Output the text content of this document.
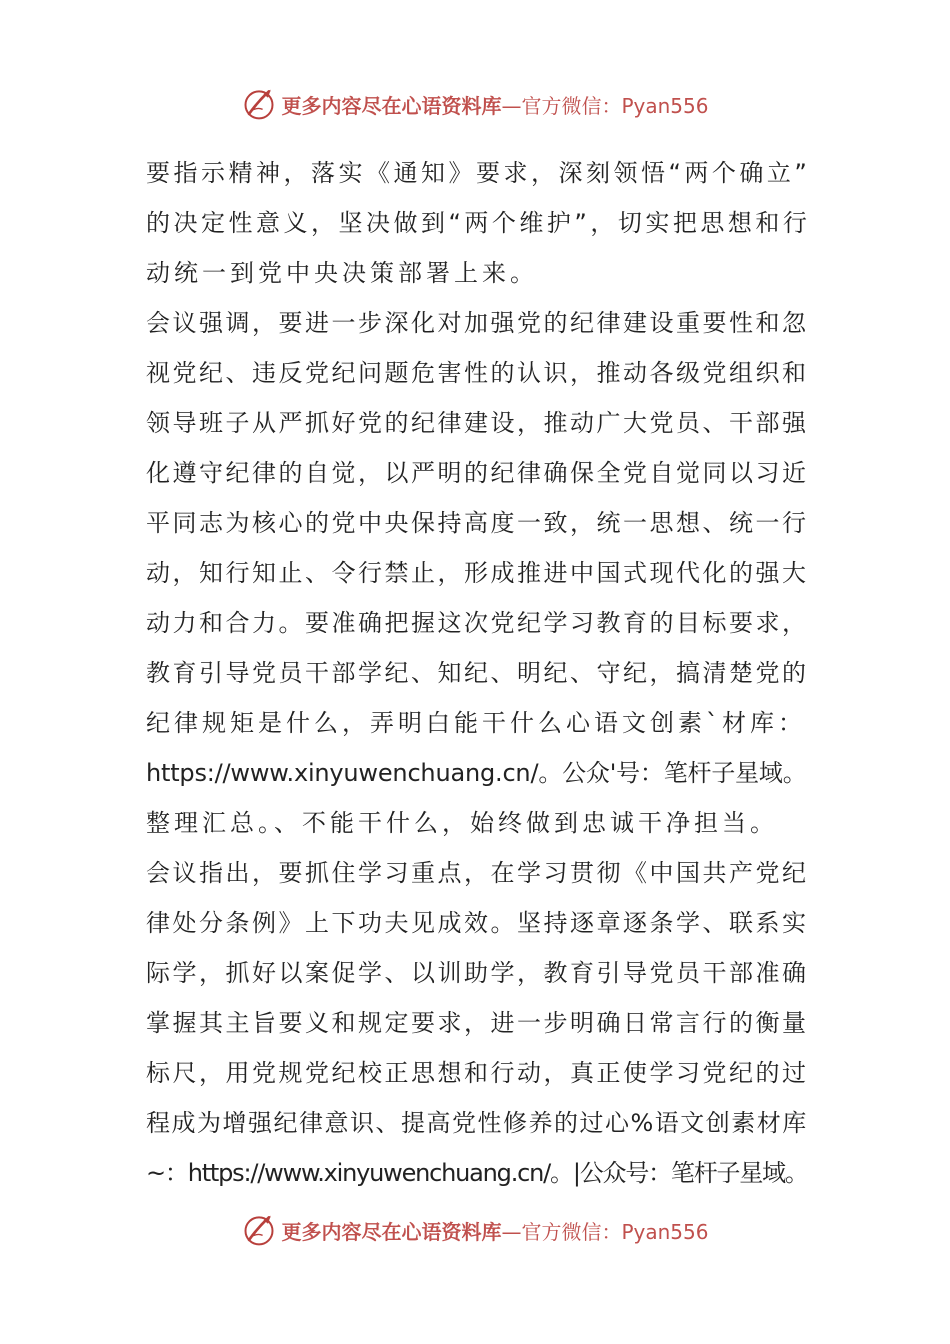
更多内容尽在心语资料库 —官方微信：Pyan556
要指示精神，落实《通知》要求，深刻领悟“两个确立”
的决定性意义，坚决做到“两个维护”，切实把思想和行
动统一到党中央决策部署上来。
会议强调，要进一步深化对加强党的纪律建设重要性和忽
视党纪、违反党纪问题危害性的认识，推动各级党组织和
领导班子从严抓好党的纪律建设，推动广大党员、干部强
化遵守纪律的自觉，以严明的纪律确保全党自觉同以习近
平同志为核心的党中央保持高度一致，统一思想、统一行
动，知行知止、令行禁止，形成推进中国式现代化的强大
动力和合力。要准确把握这次党纪学习教育的目标要求，
教育引导党员干部学纪、知纪、明纪、守纪，搞清楚党的
纪律规矩是什么，弄明白能干什么心语文创素`材库：
https://www.xinyuwenchuang.cn/。公众'号：笔杆子星域。
整理汇总。、不能干什么，始终做到忠诚干净担当。
会议指出，要抓住学习重点，在学习贯彻《中国共产党纪
律处分条例》上下功夫见成效。坚持逐章逐条学、联系实
际学，抓好以案促学、以训助学，教育引导党员干部准确
掌握其主旨要义和规定要求，进一步明确日常言行的衡量
标尺，用党规党纪校正思想和行动，真正使学习党纪的过
程成为增强纪律意识、提高党性修养的过心%语文创素材库
~：https://www.xinyuwenchuang.cn/。|公众号：笔杆子星域。
更多内容尽在心语资料库 —官方微信：Pyan556
